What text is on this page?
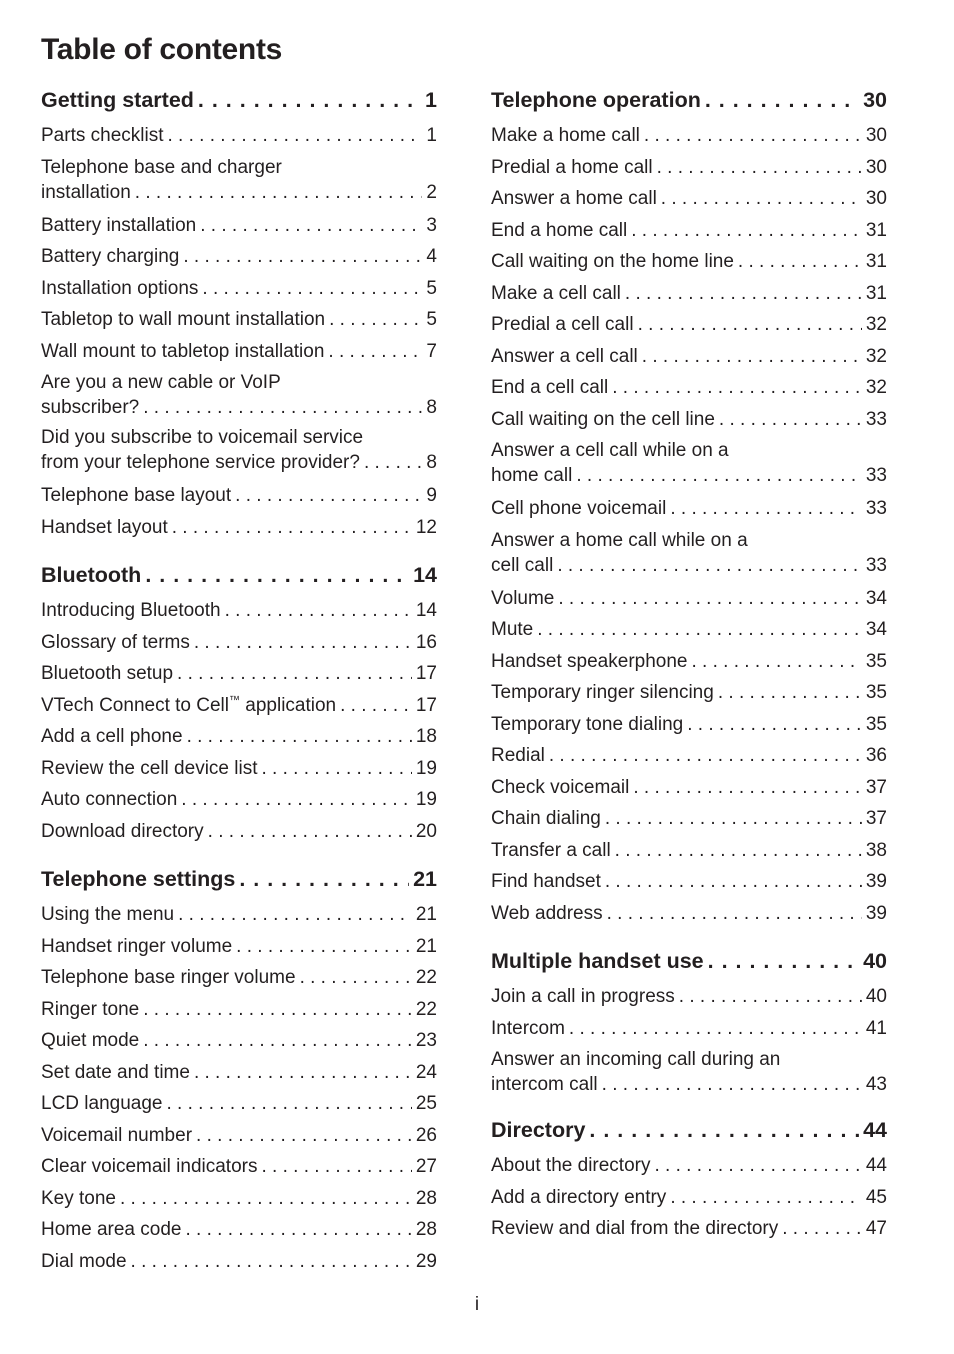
Table of contents
Getting started . . .	1
Parts checklist . . .	1
Telephone base and charger
installation . . .	2
Battery installation . . .	3
Battery charging . . .	4
Installation options . . .	5
Tabletop to wall mount installation . . .	5
Wall mount to tabletop installation . . .	7
Are you a new cable or VoIP
subscriber? . . .	8
Did you subscribe to voicemail service
from your telephone service provider? . . .	8
Telephone base layout . . .	9
Handset layout . . .	12
Bluetooth . . .	14
Introducing Bluetooth . . .	14
Glossary of terms . . .	16
Bluetooth setup . . .	17
VTech Connect to Cell™ application . . .	17
Add a cell phone . . .	18
Review the cell device list . . .	19
Auto connection . . .	19
Download directory . . .	20
Telephone settings . . .	21
Using the menu . . .	21
Handset ringer volume . . .	21
Telephone base ringer volume . . .	22
Ringer tone . . .	22
Quiet mode . . .	23
Set date and time . . .	24
LCD language . . .	25
Voicemail number . . .	26
Clear voicemail indicators . . .	27
Key tone . . .	28
Home area code . . .	28
Dial mode . . .	29
Telephone operation . . .	30
Make a home call . . .	30
Predial a home call . . .	30
Answer a home call . . .	30
End a home call . . .	31
Call waiting on the home line . . .	31
Make a cell call . . .	31
Predial a cell call . . .	32
Answer a cell call . . .	32
End a cell call . . .	32
Call waiting on the cell line . . .	33
Answer a cell call while on a
home call . . .	33
Cell phone voicemail . . .	33
Answer a home call while on a
cell call . . .	33
Volume . . .	34
Mute . . .	34
Handset speakerphone . . .	35
Temporary ringer silencing . . .	35
Temporary tone dialing . . .	35
Redial . . .	36
Check voicemail . . .	37
Chain dialing . . .	37
Transfer a call . . .	38
Find handset . . .	39
Web address . . .	39
Multiple handset use . . .	40
Join a call in progress . . .	40
Intercom . . .	41
Answer an incoming call during an
intercom call . . .	43
Directory . . .	44
About the directory . . .	44
Add a directory entry . . .	45
Review and dial from the directory . . .	47
i
